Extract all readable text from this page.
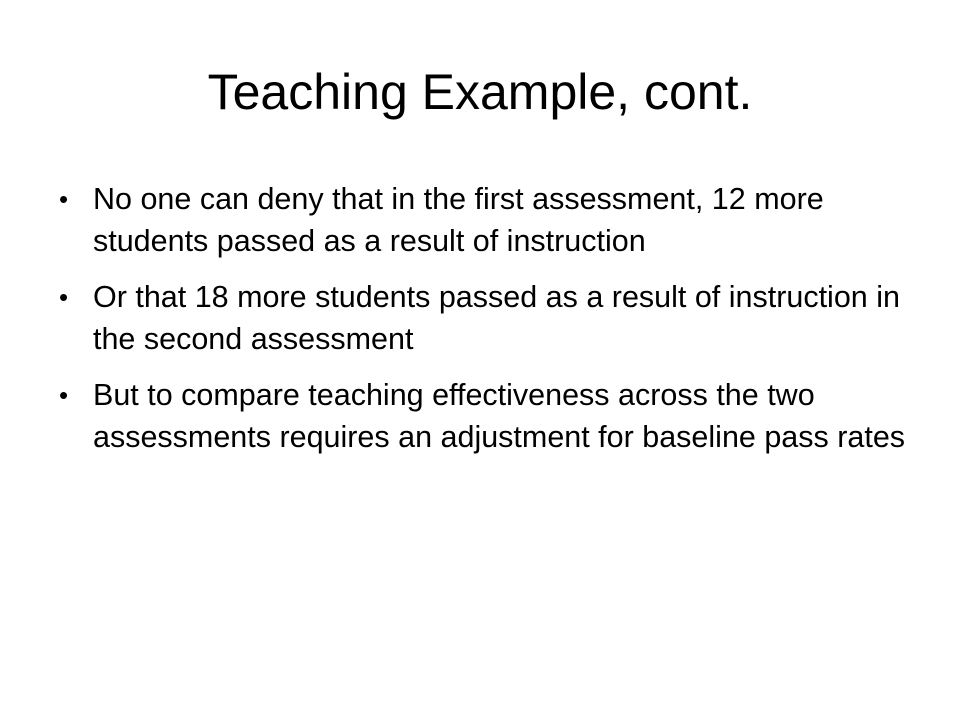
Teaching Example, cont.
• No one can deny that in the first assessment, 12 more students passed as a result of instruction
• Or that 18 more students passed as a result of instruction in the second assessment
• But to compare teaching effectiveness across the two assessments requires an adjustment for baseline pass rates
